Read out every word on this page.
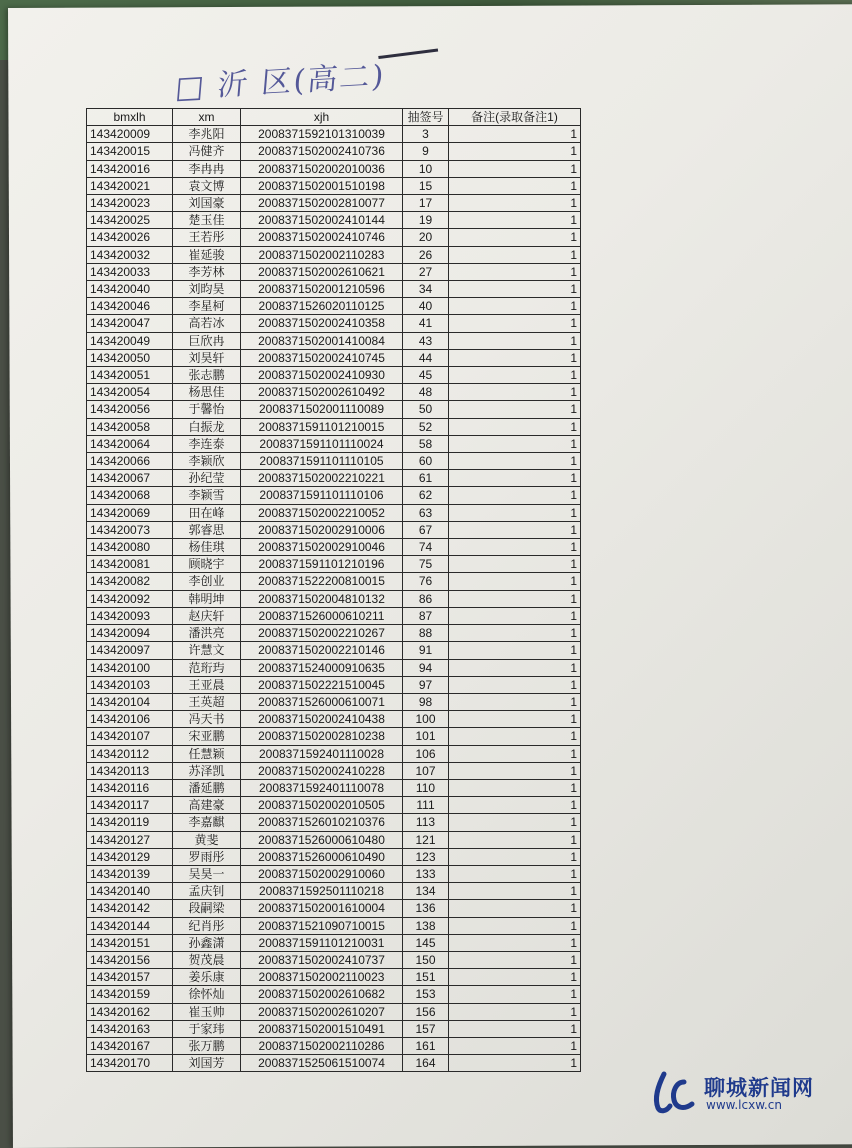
□ 沂 区(高二)
bmxlh	xm	xjh	抽签号	备注(录取备注1)
143420009	李兆阳	2008371592101310039	3	1
143420015	冯健齐	2008371502002410736	9	1
143420016	李冉冉	2008371502002010036	10	1
143420021	袁文博	2008371502001510198	15	1
143420023	刘国豪	2008371502002810077	17	1
143420025	楚玉佳	2008371502002410144	19	1
143420026	王若彤	2008371502002410746	20	1
143420032	崔延骏	2008371502002110283	26	1
143420033	李芳林	2008371502002610621	27	1
143420040	刘昀昊	2008371502001210596	34	1
143420046	李星柯	2008371526020110125	40	1
143420047	高若冰	2008371502002410358	41	1
143420049	巨欣冉	2008371502001410084	43	1
143420050	刘昊轩	2008371502002410745	44	1
143420051	张志鹏	2008371502002410930	45	1
143420054	杨思佳	2008371502002610492	48	1
143420056	于馨怡	2008371502001110089	50	1
143420058	白振龙	2008371591101210015	52	1
143420064	李连泰	2008371591101110024	58	1
143420066	李颖欣	2008371591101110105	60	1
143420067	孙纪莹	2008371502002210221	61	1
143420068	李颖雪	2008371591101110106	62	1
143420069	田在峰	2008371502002210052	63	1
143420073	郭睿思	2008371502002910006	67	1
143420080	杨佳琪	2008371502002910046	74	1
143420081	顾晓宇	2008371591101210196	75	1
143420082	李创业	2008371522200810015	76	1
143420092	韩明坤	2008371502004810132	86	1
143420093	赵庆轩	2008371526000610211	87	1
143420094	潘洪亮	2008371502002210267	88	1
143420097	许慧文	2008371502002210146	91	1
143420100	范珩玙	2008371524000910635	94	1
143420103	王亚晨	2008371502221510045	97	1
143420104	王英超	2008371526000610071	98	1
143420106	冯天书	2008371502002410438	100	1
143420107	宋亚鹏	2008371502002810238	101	1
143420112	任慧颖	2008371592401110028	106	1
143420113	苏泽凯	2008371502002410228	107	1
143420116	潘延鹏	2008371592401110078	110	1
143420117	高建豪	2008371502002010505	111	1
143420119	李嘉麒	2008371526010210376	113	1
143420127	黄斐	2008371526000610480	121	1
143420129	罗雨彤	2008371526000610490	123	1
143420139	吴昊一	2008371502002910060	133	1
143420140	孟庆钊	2008371592501110218	134	1
143420142	段嗣梁	2008371502001610004	136	1
143420144	纪肖彤	2008371521090710015	138	1
143420151	孙鑫潇	2008371591101210031	145	1
143420156	贺茂晨	2008371502002410737	150	1
143420157	姜乐康	2008371502002110023	151	1
143420159	徐怀灿	2008371502002610682	153	1
143420162	崔玉帅	2008371502002610207	156	1
143420163	于家玮	2008371502001510491	157	1
143420167	张万鹏	2008371502002110286	161	1
143420170	刘国芳	2008371525061510074	164	1
聊城新闻网
www.lcxw.cn
